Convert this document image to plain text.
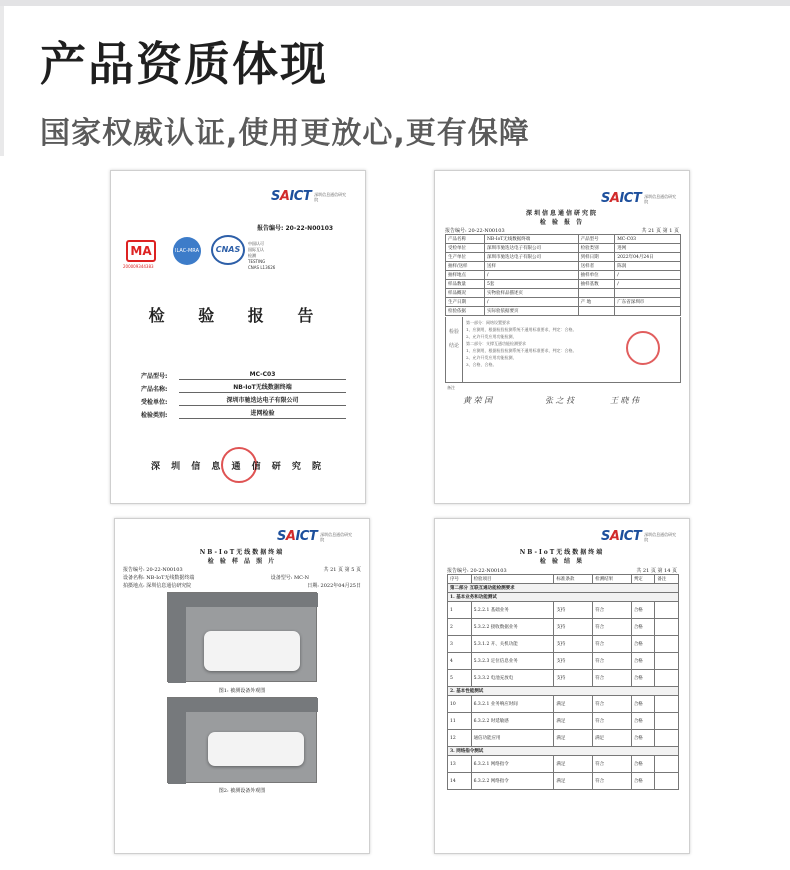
产品资质体现
国家权威认证,使用更放心,更有保障
SAICT 深圳信息通信研究院
报告编号: 20-22-N00103
MA
200009344383
ILAC-MRA	CNAS
中国认可
国际互认
检测
TESTING
CNAS L13626
检 验 报 告
产品型号:	MC-C03
产品名称:	NB-IoT无线数据终端
受检单位:	深圳市驰迭达电子有限公司
检验类别:	进网检验
深 圳 信 息 通 信 研 究 院
SAICT 深圳信息通信研究院
深圳信息通信研究院
检 验 报 告
报告编号: 20-22-N00103	共 21 页 第 1 页
产品名称	NB-IoT无线数据终端	产品型号	MC-C03
受检单位	深圳市驰迭达电子有限公司	检验类别	进网
生产单位	深圳市驰迭达电子有限公司	到样日期	2022年04月24日
抽样/送样	送样	送样者	陈润
抽样地点	/	抽样单位	/
样品数量	5套	抽样基数	/
样品概况	实物验样品描述页		
生产日期	/	产 地	广东省深圳市
检验依据	实际验依据要页		
检验结论
第一部分：网络设置要求
1、应测用，根据检验检测系统不通用标准要求，判定：合格。
2、允许开发应用功能检测，
第二部分：支撑互通功能检测要求
1、应测用，根据检验检测系统不通用标准要求，判定：合格。
2、允许开发应用功能检测，
3、合格，合格。
备注
黄 荣 国	张 之 技	王 晓 伟
SAICT 深圳信息通信研究院
NB-IoT无线数据终端
检 验 样 品 照 片
报告编号: 20-22-N00103	共 21 页 第 5 页
设备名称: NB-IoT无线数据终端	设备型号: MC-N
拍摄地点: 深圳信息通信研究院	日期: 2022年04月25日
图1: 被测设备外观图
图2: 被测设备外观图
SAICT 深圳信息通信研究院
NB-IoT无线数据终端
检 验 结 果
报告编号: 20-22-N00103	共 21 页 第 14 页
序号	检验项目	标准条款	检测结果	判定	备注
第二部分 互联互通功能检测要求					
1. 基本业务和功能测试					
1	5.2.2.1 基础业务	支持	符合	合格	
2	5.3.2.2 接收数据业务	支持	符合	合格	
3	5.3.1.2 开、关机功能	支持	符合	合格	
4	5.3.2.3 定位信息业务	支持	符合	合格	
5	5.3.3.2 电池充放电	支持	符合	合格	
2. 基本性能测试					
10	6.3.2.1 业务响应时间	满足	符合	合格	
11	6.3.2.2 时延敏感	满足	符合	合格	
12	通信功能应用	满足	满足	合格	
3. 网络指令测试					
13	6.3.2.1 网络指令	满足	符合	合格	
14	6.3.2.2 网络指令	满足	符合	合格	
